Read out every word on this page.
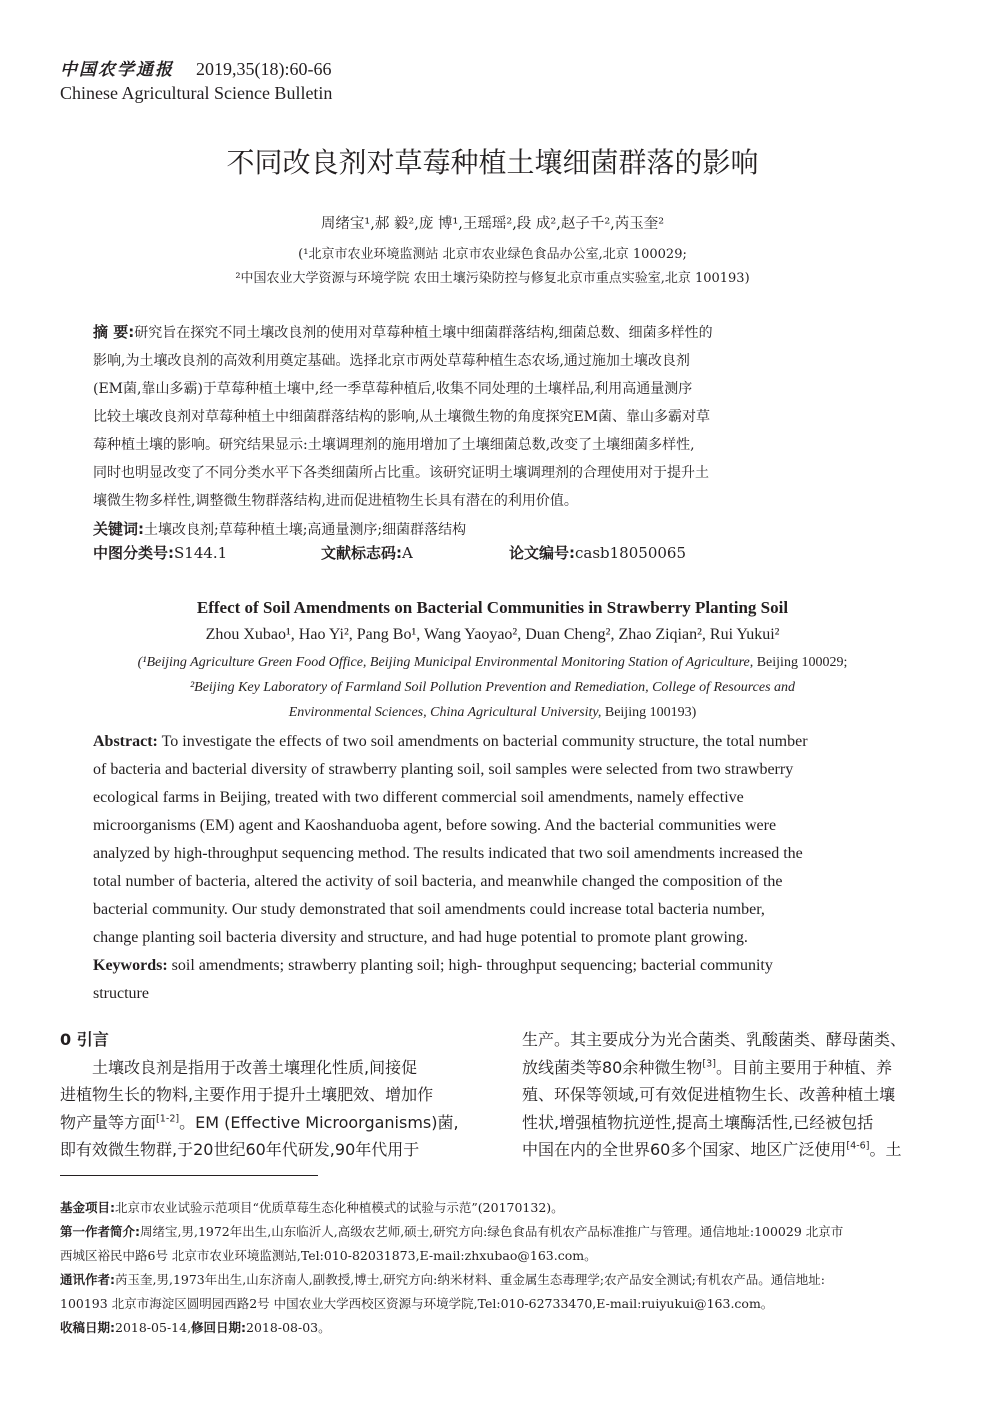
中国农学通报 2019,35(18):60-66
Chinese Agricultural Science Bulletin
不同改良剂对草莓种植土壤细菌群落的影响
周绪宝¹,郝 毅²,庞 博¹,王瑶瑶²,段 成²,赵子千²,芮玉奎²
(¹北京市农业环境监测站 北京市农业绿色食品办公室,北京 100029;
²中国农业大学资源与环境学院 农田土壤污染防控与修复北京市重点实验室,北京 100193)
摘 要:研究旨在探究不同土壤改良剂的使用对草莓种植土壤中细菌群落结构,细菌总数、细菌多样性的
影响,为土壤改良剂的高效利用奠定基础。选择北京市两处草莓种植生态农场,通过施加土壤改良剂
(EM菌,靠山多霸)于草莓种植土壤中,经一季草莓种植后,收集不同处理的土壤样品,利用高通量测序
比较土壤改良剂对草莓种植土中细菌群落结构的影响,从土壤微生物的角度探究EM菌、靠山多霸对草
莓种植土壤的影响。研究结果显示:土壤调理剂的施用增加了土壤细菌总数,改变了土壤细菌多样性,
同时也明显改变了不同分类水平下各类细菌所占比重。该研究证明土壤调理剂的合理使用对于提升土
壤微生物多样性,调整微生物群落结构,进而促进植物生长具有潜在的利用价值。
关键词:土壤改良剂;草莓种植土壤;高通量测序;细菌群落结构
中图分类号:S144.1	文献标志码:A	论文编号:casb18050065
Effect of Soil Amendments on Bacterial Communities in Strawberry Planting Soil
Zhou Xubao¹, Hao Yi², Pang Bo¹, Wang Yaoyao², Duan Cheng², Zhao Ziqian², Rui Yukui²
(¹Beijing Agriculture Green Food Office, Beijing Municipal Environmental Monitoring Station of Agriculture, Beijing 100029;
²Beijing Key Laboratory of Farmland Soil Pollution Prevention and Remediation, College of Resources and
Environmental Sciences, China Agricultural University, Beijing 100193)
Abstract: To investigate the effects of two soil amendments on bacterial community structure, the total number
of bacteria and bacterial diversity of strawberry planting soil, soil samples were selected from two strawberry
ecological farms in Beijing, treated with two different commercial soil amendments, namely effective
microorganisms (EM) agent and Kaoshanduoba agent, before sowing. And the bacterial communities were
analyzed by high-throughput sequencing method. The results indicated that two soil amendments increased the
total number of bacteria, altered the activity of soil bacteria, and meanwhile changed the composition of the
bacterial community. Our study demonstrated that soil amendments could increase total bacteria number,
change planting soil bacteria diversity and structure, and had huge potential to promote plant growing.
Keywords: soil amendments; strawberry planting soil; high- throughput sequencing; bacterial community
structure
0 引言
土壤改良剂是指用于改善土壤理化性质,间接促
进植物生长的物料,主要作用于提升土壤肥效、增加作
物产量等方面[1-2]。EM (Effective Microorganisms)菌,
即有效微生物群,于20世纪60年代研发,90年代用于
生产。其主要成分为光合菌类、乳酸菌类、酵母菌类、
放线菌类等80余种微生物[3]。目前主要用于种植、养
殖、环保等领域,可有效促进植物生长、改善种植土壤
性状,增强植物抗逆性,提高土壤酶活性,已经被包括
中国在内的全世界60多个国家、地区广泛使用[4-6]。土
基金项目:北京市农业试验示范项目“优质草莓生态化种植模式的试验与示范”(20170132)。
第一作者简介:周绪宝,男,1972年出生,山东临沂人,高级农艺师,硕士,研究方向:绿色食品有机农产品标准推广与管理。通信地址:100029 北京市
西城区裕民中路6号 北京市农业环境监测站,Tel:010-82031873,E-mail:zhxubao@163.com。
通讯作者:芮玉奎,男,1973年出生,山东济南人,副教授,博士,研究方向:纳米材料、重金属生态毒理学;农产品安全测试;有机农产品。通信地址:
100193 北京市海淀区圆明园西路2号 中国农业大学西校区资源与环境学院,Tel:010-62733470,E-mail:ruiyukui@163.com。
收稿日期:2018-05-14,修回日期:2018-08-03。
